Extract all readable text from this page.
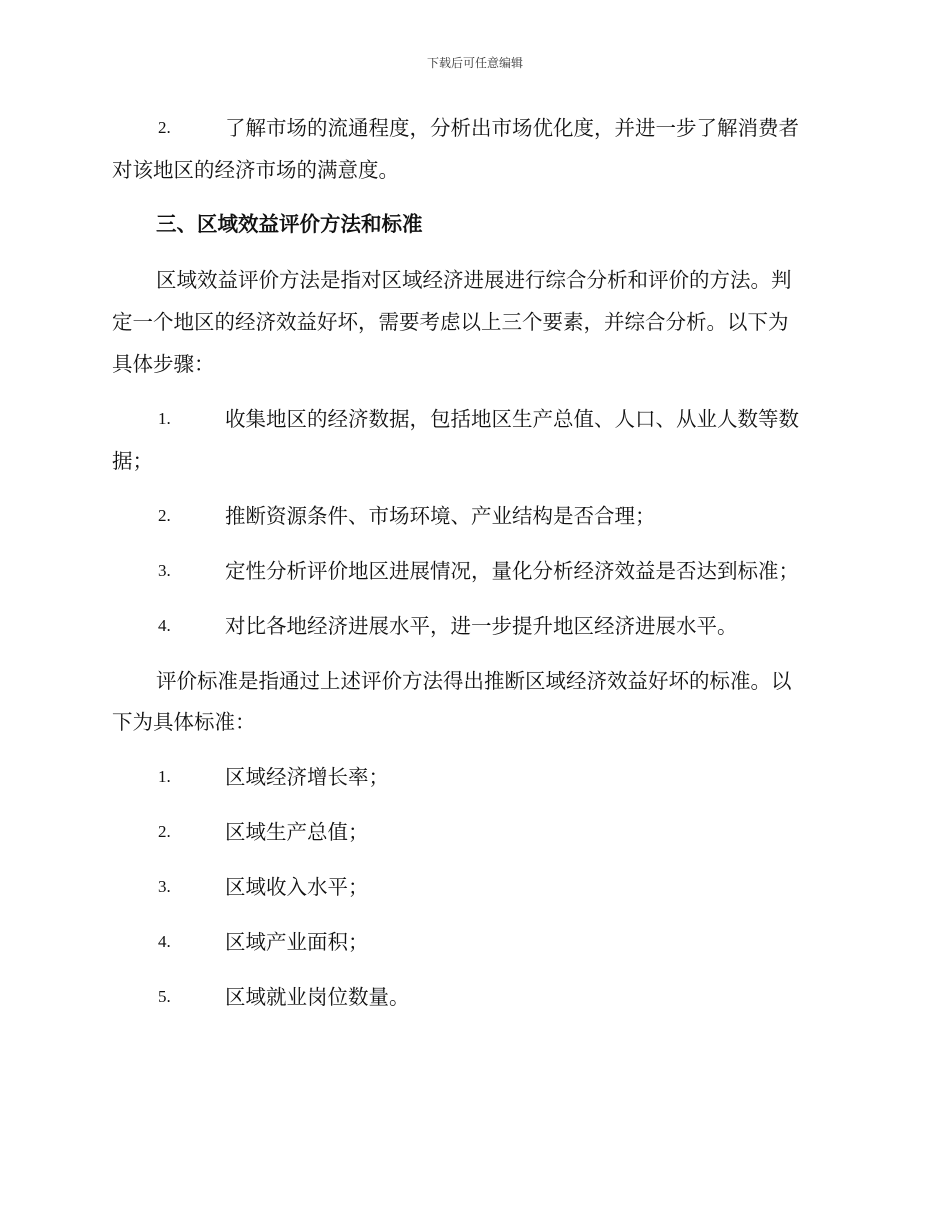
下载后可任意编辑
2.	了解市场的流通程度，分析出市场优化度，并进一步了解消费者
对该地区的经济市场的满意度。
三、区域效益评价方法和标准
区域效益评价方法是指对区域经济进展进行综合分析和评价的方法。判
定一个地区的经济效益好坏，需要考虑以上三个要素，并综合分析。以下为
具体步骤：
1.	收集地区的经济数据，包括地区生产总值、人口、从业人数等数
据；
2.	推断资源条件、市场环境、产业结构是否合理；
3.	定性分析评价地区进展情况，量化分析经济效益是否达到标准；
4.	对比各地经济进展水平，进一步提升地区经济进展水平。
评价标准是指通过上述评价方法得出推断区域经济效益好坏的标准。以
下为具体标准：
1.	区域经济增长率；
2.	区域生产总值；
3.	区域收入水平；
4.	区域产业面积；
5.	区域就业岗位数量。
